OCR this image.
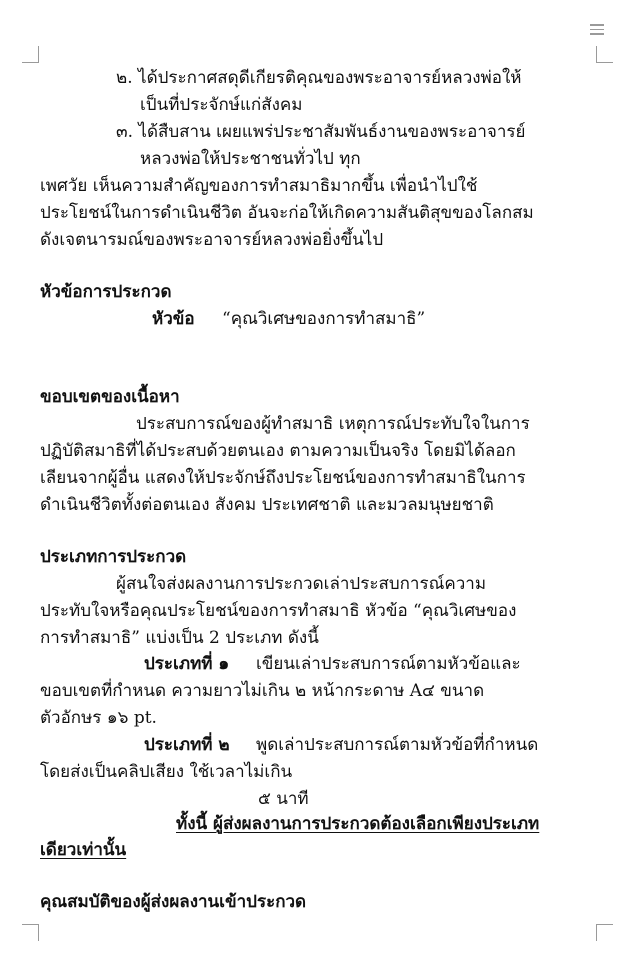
๒. ได้ประกาศสดุดีเกียรติคุณของพระอาจารย์หลวงพ่อให้
เป็นที่ประจักษ์แก่สังคม
๓. ได้สืบสาน เผยแพร่ประชาสัมพันธ์งานของพระอาจารย์
หลวงพ่อให้ประชาชนทั่วไป ทุก
เพศวัย เห็นความสำคัญของการทำสมาธิมากขึ้น เพื่อนำไปใช้
ประโยชน์ในการดำเนินชีวิต อันจะก่อให้เกิดความสันติสุขของโลกสม
ดังเจตนารมณ์ของพระอาจารย์หลวงพ่อยิ่งขึ้นไป
หัวข้อการประกวด
หัวข้อ “คุณวิเศษของการทำสมาธิ”
ขอบเขตของเนื้อหา
ประสบการณ์ของผู้ทำสมาธิ เหตุการณ์ประทับใจในการ
ปฏิบัติสมาธิที่ได้ประสบด้วยตนเอง ตามความเป็นจริง โดยมิได้ลอก
เลียนจากผู้อื่น แสดงให้ประจักษ์ถึงประโยชน์ของการทำสมาธิในการ
ดำเนินชีวิตทั้งต่อตนเอง สังคม ประเทศชาติ และมวลมนุษยชาติ
ประเภทการประกวด
ผู้สนใจส่งผลงานการประกวดเล่าประสบการณ์ความ
ประทับใจหรือคุณประโยชน์ของการทำสมาธิ หัวข้อ “คุณวิเศษของ
การทำสมาธิ” แบ่งเป็น 2 ประเภท ดังนี้
ประเภทที่ ๑ เขียนเล่าประสบการณ์ตามหัวข้อและ
ขอบเขตที่กำหนด ความยาวไม่เกิน ๒ หน้ากระดาษ A๔ ขนาด
ตัวอักษร ๑๖ pt.
ประเภทที่ ๒ พูดเล่าประสบการณ์ตามหัวข้อที่กำหนด
โดยส่งเป็นคลิปเสียง ใช้เวลาไม่เกิน
๕ นาที
ทั้งนี้ ผู้ส่งผลงานการประกวดต้องเลือกเพียงประเภท
เดียวเท่านั้น
คุณสมบัติของผู้ส่งผลงานเข้าประกวด
